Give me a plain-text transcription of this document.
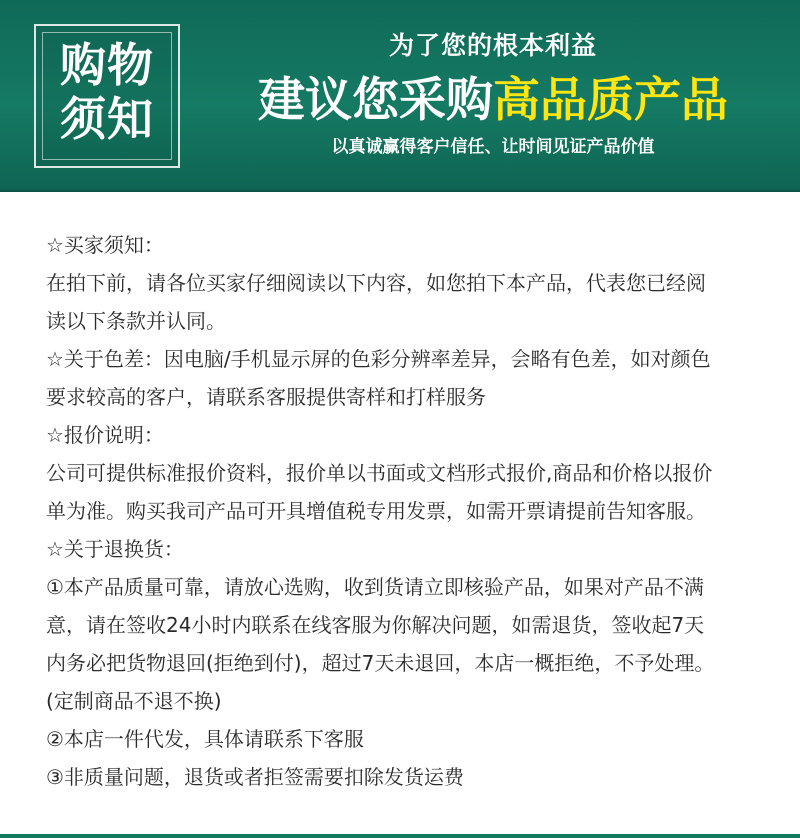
购物
须知
为了您的根本利益
建议您采购高品质产品
以真诚赢得客户信任、让时间见证产品价值

☆买家须知：

在拍下前，请各位买家仔细阅读以下内容，如您拍下本产品，代表您已经阅

读以下条款并认同。

☆关于色差：因电脑/手机显示屏的色彩分辨率差异，会略有色差，如对颜色

要求较高的客户，请联系客服提供寄样和打样服务

☆报价说明：

公司可提供标准报价资料，报价单以书面或文档形式报价,商品和价格以报价

单为准。购买我司产品可开具增值税专用发票，如需开票请提前告知客服。

☆关于退换货：

①本产品质量可靠，请放心选购，收到货请立即核验产品，如果对产品不满

意，请在签收24小时内联系在线客服为你解决问题，如需退货，签收起7天

内务必把货物退回(拒绝到付)，超过7天未退回，本店一概拒绝，不予处理。

(定制商品不退不换)

②本店一件代发，具体请联系下客服

③非质量问题，退货或者拒签需要扣除发货运费
